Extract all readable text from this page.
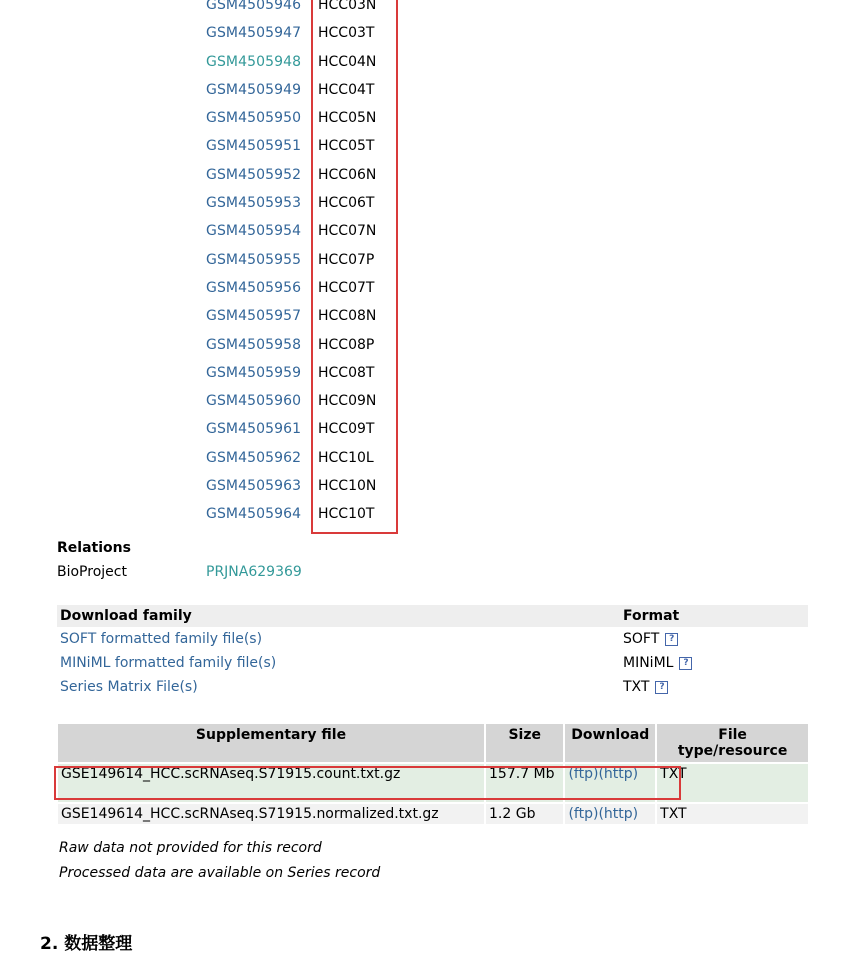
GSM4505946 HCC03N
GSM4505947 HCC03T
GSM4505948 HCC04N
GSM4505949 HCC04T
GSM4505950 HCC05N
GSM4505951 HCC05T
GSM4505952 HCC06N
GSM4505953 HCC06T
GSM4505954 HCC07N
GSM4505955 HCC07P
GSM4505956 HCC07T
GSM4505957 HCC08N
GSM4505958 HCC08P
GSM4505959 HCC08T
GSM4505960 HCC09N
GSM4505961 HCC09T
GSM4505962 HCC10L
GSM4505963 HCC10N
GSM4505964 HCC10T
Relations
BioProject	PRJNA629369
Download family	Format
SOFT formatted family file(s)	SOFT	?
MINiML formatted family file(s)	MINiML	?
Series Matrix File(s)	TXT	?
Supplementary file	Size	Download	File type/resource
GSE149614_HCC.scRNAseq.S71915.count.txt.gz	157.7 Mb	(ftp)(http)	TXT
GSE149614_HCC.scRNAseq.S71915.normalized.txt.gz	1.2 Gb	(ftp)(http)	TXT
Raw data not provided for this record
Processed data are available on Series record
2. 数据整理
